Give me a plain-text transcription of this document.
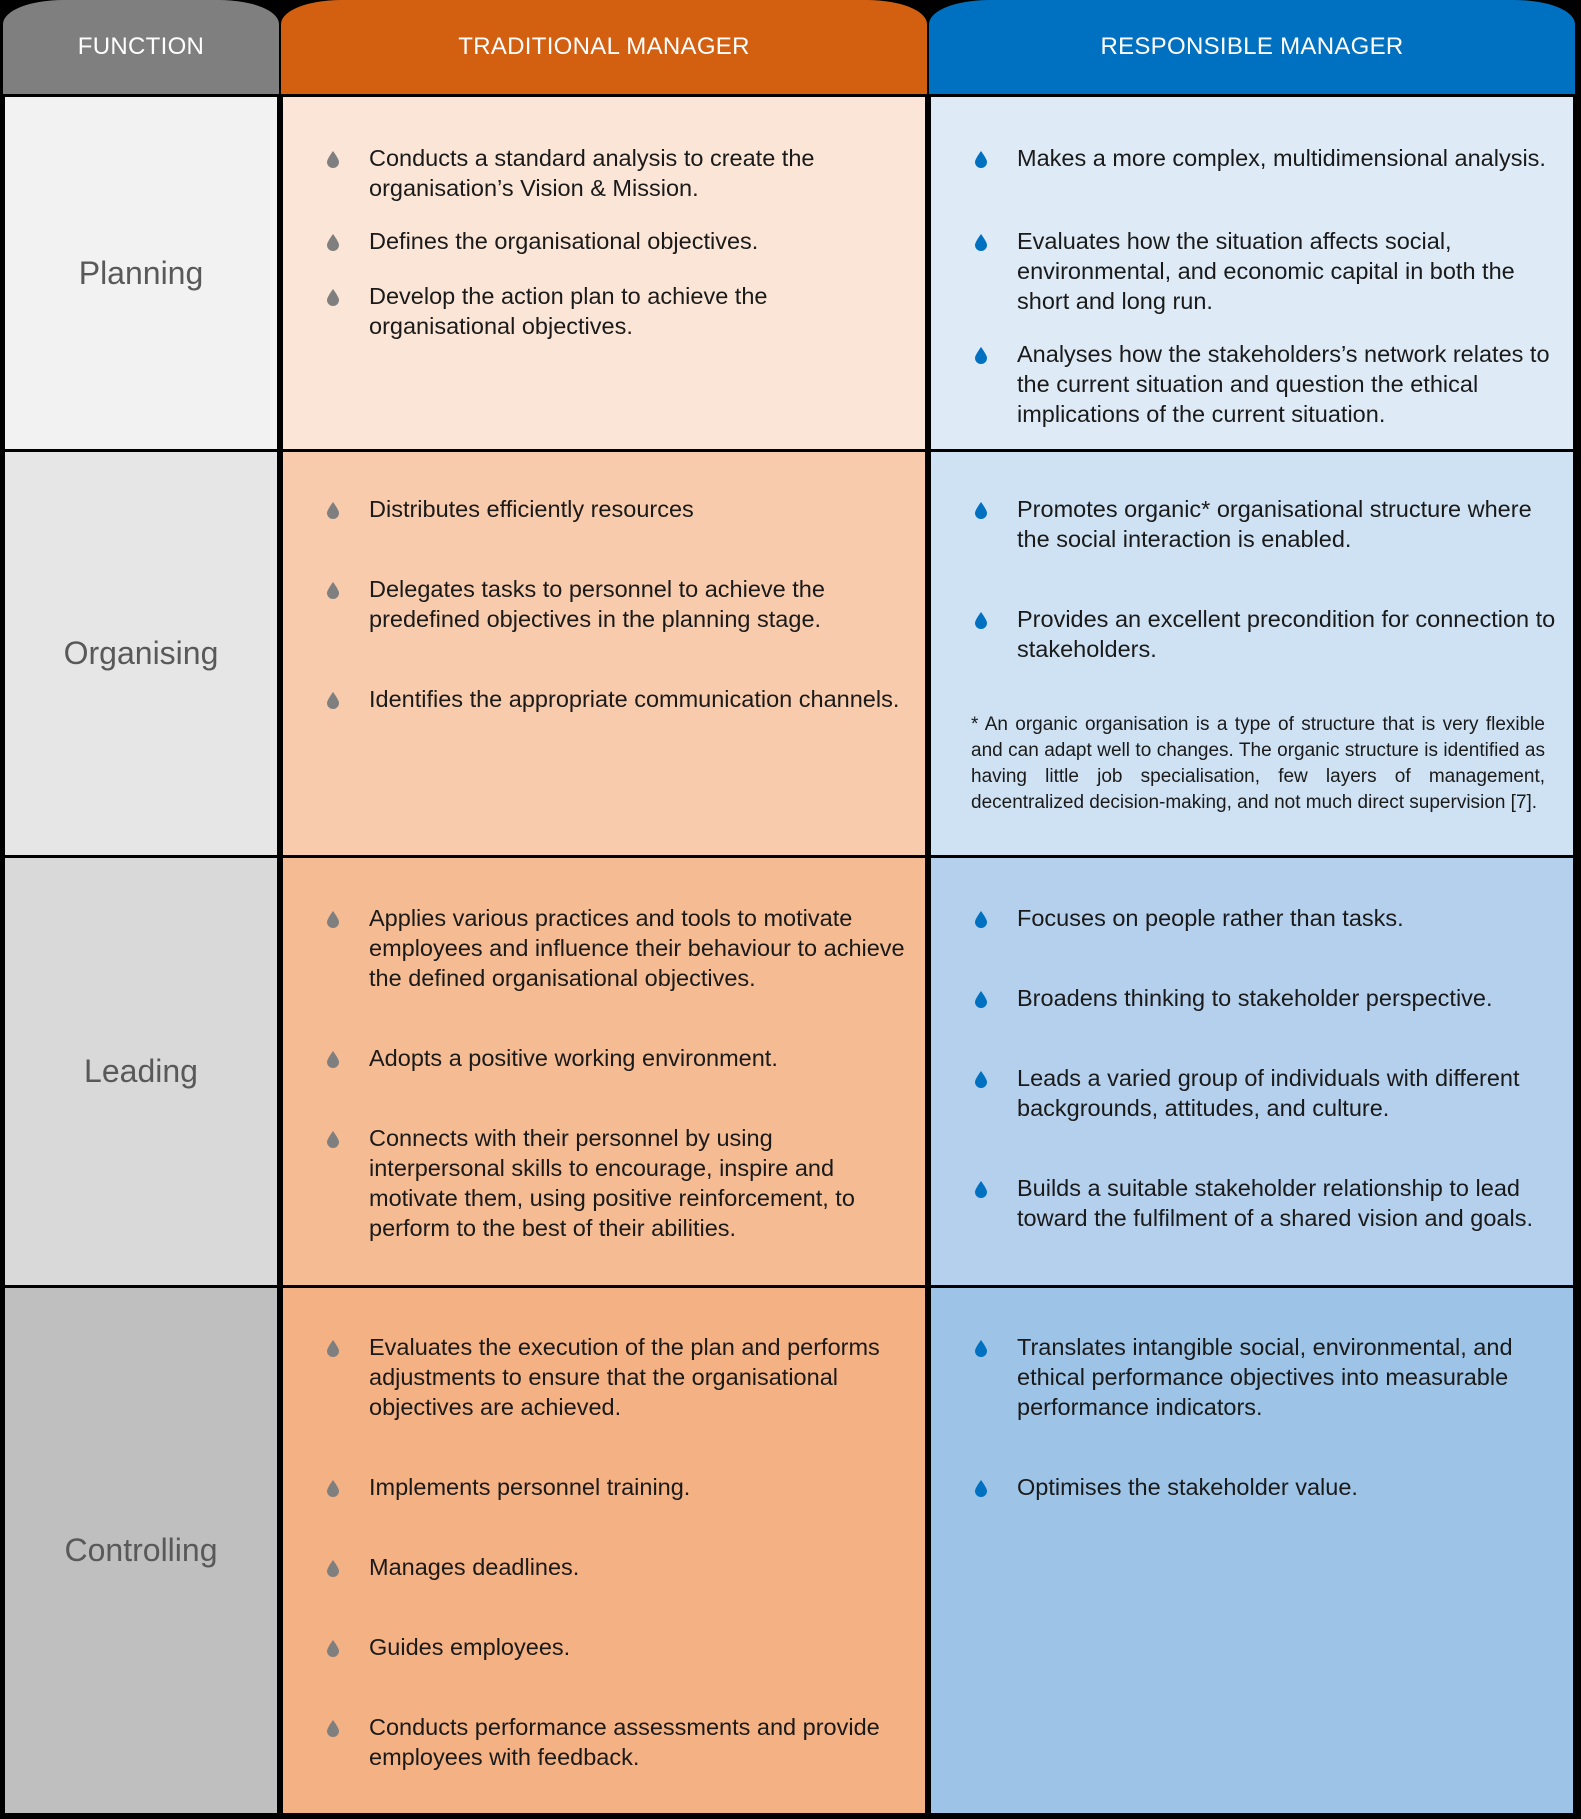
FUNCTION	TRADITIONAL MANAGER	RESPONSIBLE MANAGER
Planning
Conducts a standard analysis to create the organisation’s Vision & Mission.
Defines the organisational objectives.
Develop the action plan to achieve the organisational objectives.
Makes a more complex, multidimensional analysis.
Evaluates how the situation affects social, environmental, and economic capital in both the short and long run.
Analyses how the stakeholders’s network relates to the current situation and question the ethical implications of the current situation.
Organising
Distributes efficiently resources
Delegates tasks to personnel to achieve the predefined objectives in the planning stage.
Identifies the appropriate communication channels.
Promotes organic* organisational structure where the social interaction is enabled.
Provides an excellent precondition for connection to stakeholders.
* An organic organisation is a type of structure that is very flexible and can adapt well to changes. The organic structure is identified as having little job specialisation, few layers of management, decentralized decision-making, and not much direct supervision [7].
Leading
Applies various practices and tools to motivate employees and influence their behaviour to achieve the defined organisational objectives.
Adopts a positive working environment.
Connects with their personnel by using interpersonal skills to encourage, inspire and motivate them, using positive reinforcement, to perform to the best of their abilities.
Focuses on people rather than tasks.
Broadens thinking to stakeholder perspective.
Leads a varied group of individuals with different backgrounds, attitudes, and culture.
Builds a suitable stakeholder relationship to lead toward the fulfilment of a shared vision and goals.
Controlling
Evaluates the execution of the plan and performs adjustments to ensure that the organisational objectives are achieved.
Implements personnel training.
Manages deadlines.
Guides employees.
Conducts performance assessments and provide employees with feedback.
Translates intangible social, environmental, and ethical performance objectives into measurable performance indicators.
Optimises the stakeholder value.
